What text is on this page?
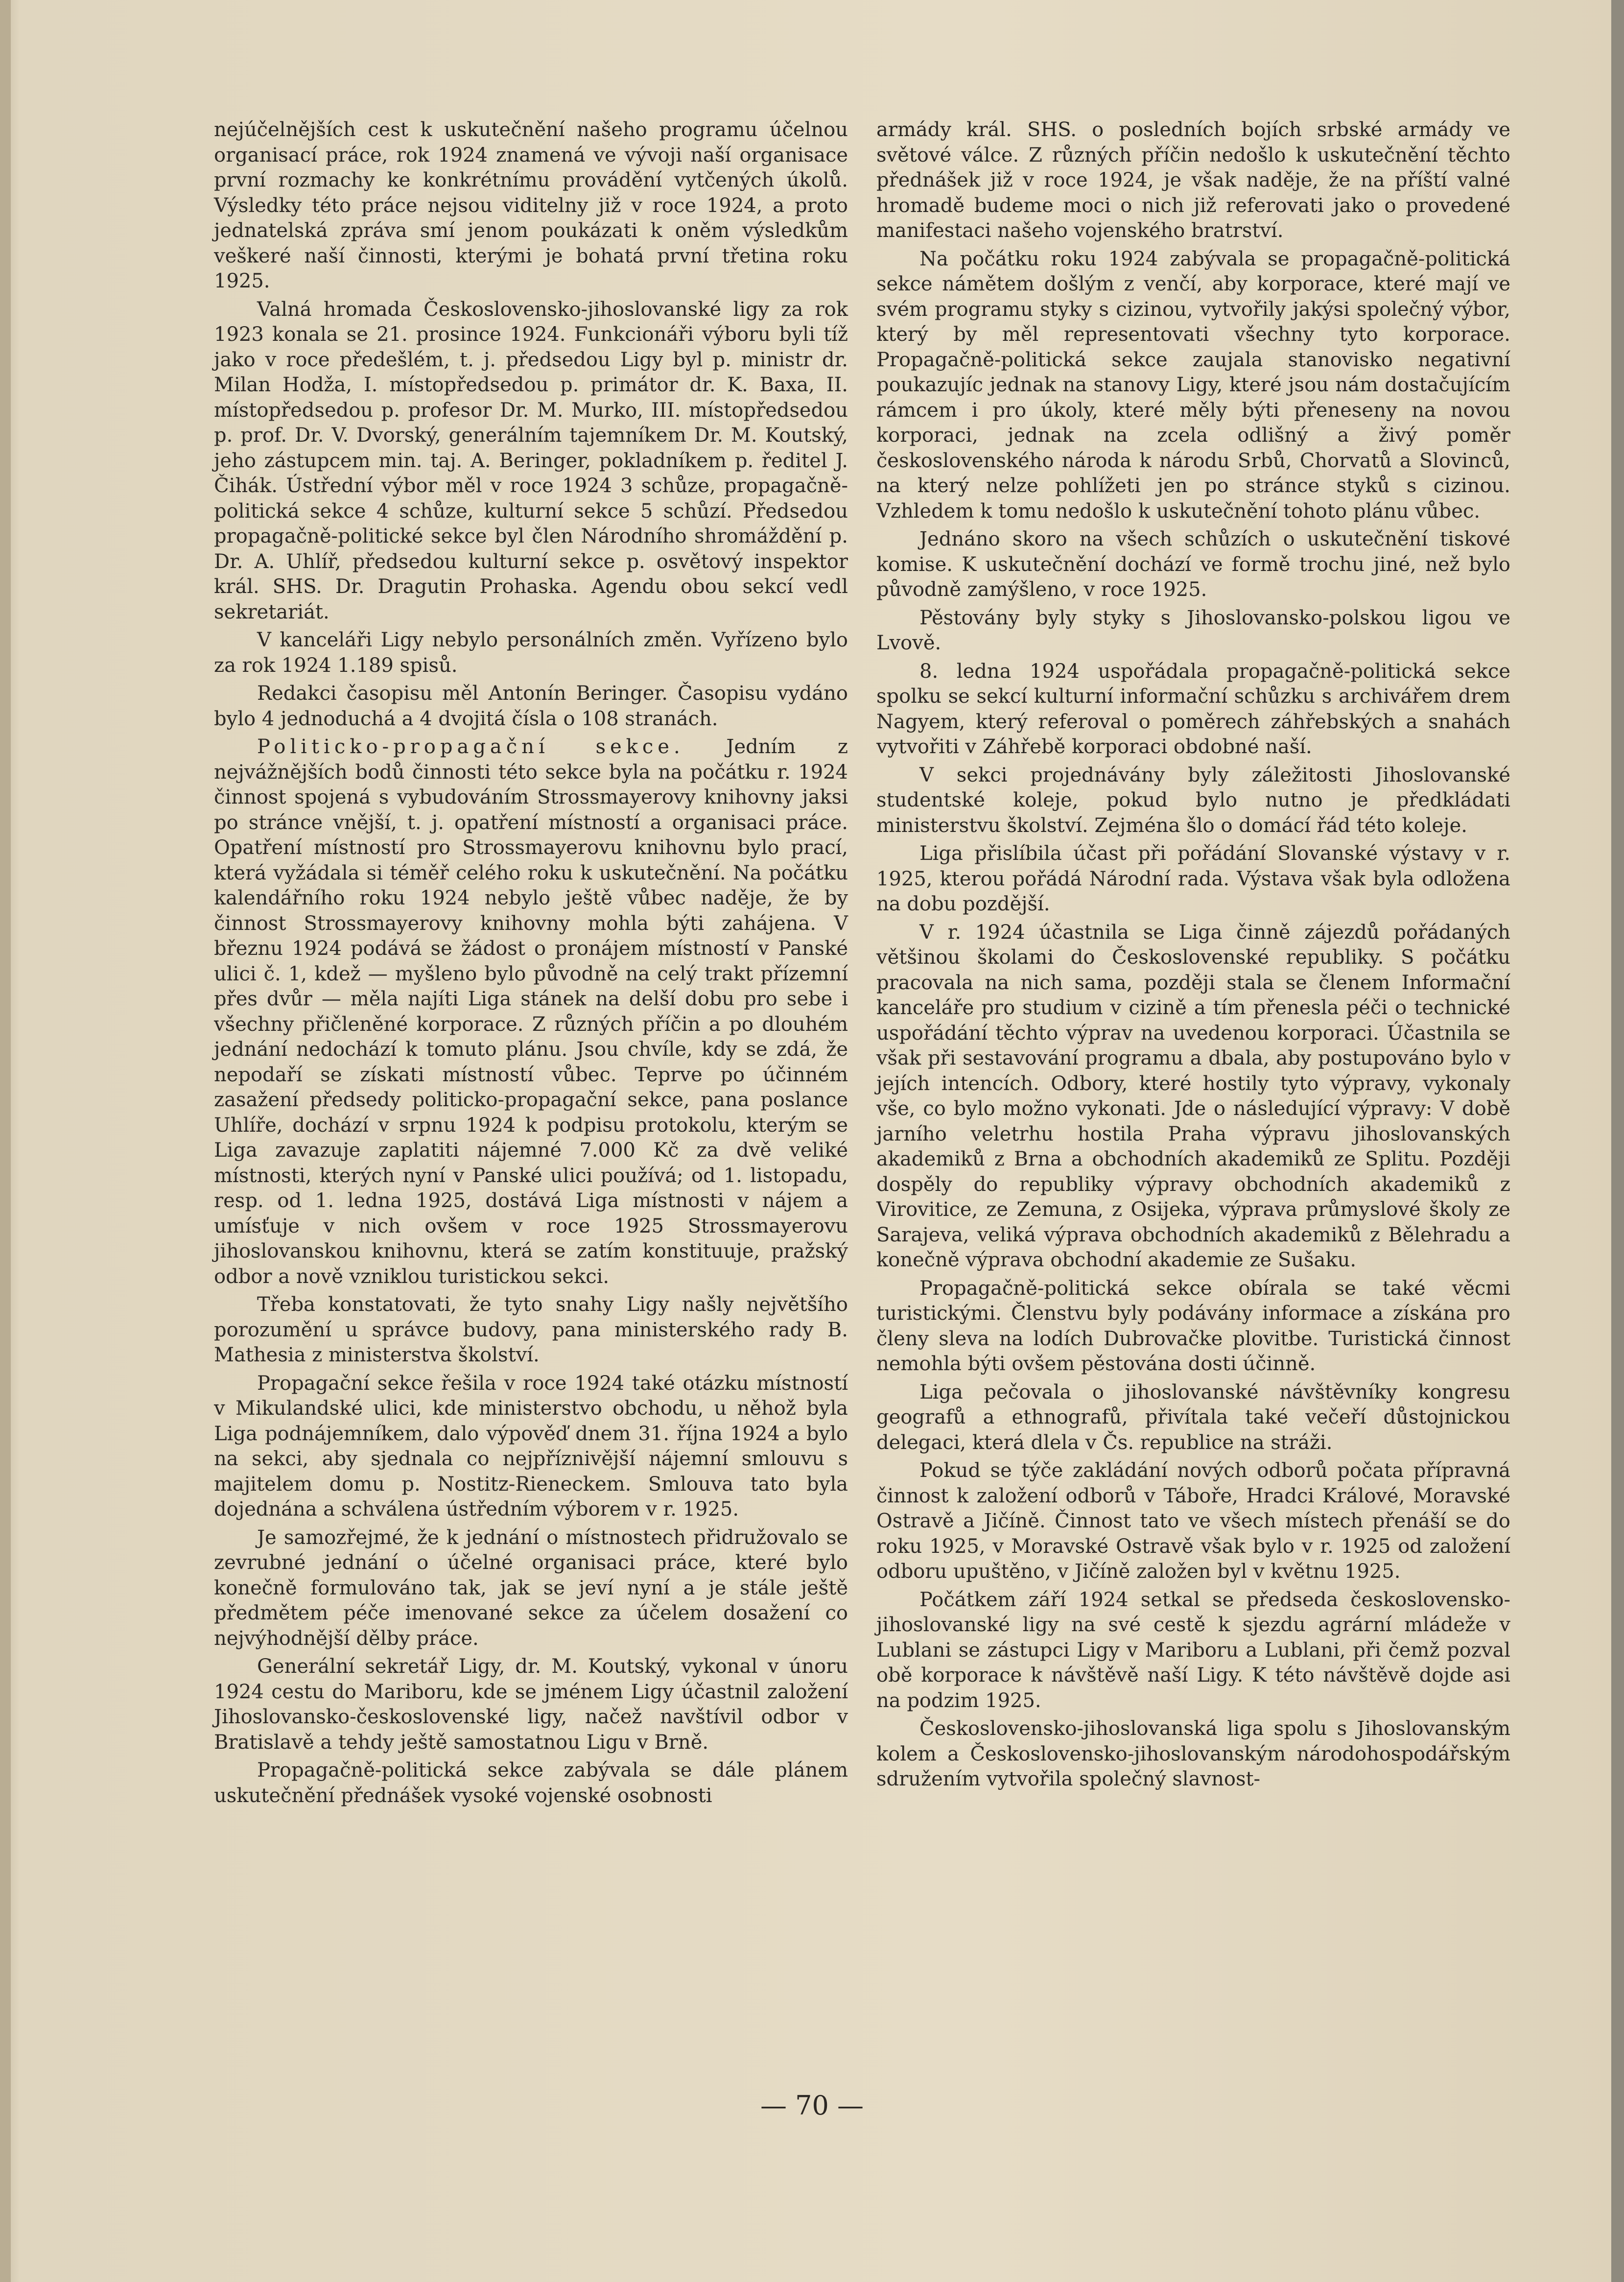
nejúčelnějších cest k uskutečnění našeho programu účelnou organisací práce, rok 1924 znamená ve vývoji naší organisace první rozmachy ke konkrétnímu provádění vytčených úkolů. Výsledky této práce nejsou viditelny již v roce 1924, a proto jednatelská zpráva smí jenom poukázati k oněm výsledkům veškeré naší činnosti, kterými je bohatá první třetina roku 1925.

Valná hromada Československo-jihoslovanské ligy za rok 1923 konala se 21. prosince 1924. Funkcionáři výboru byli tíž jako v roce předešlém, t. j. předsedou Ligy byl p. ministr dr. Milan Hodža, I. místopředsedou p. primátor dr. K. Baxa, II. místopředsedou p. profesor Dr. M. Murko, III. místopředsedou p. prof. Dr. V. Dvorský, generálním tajemníkem Dr. M. Koutský, jeho zástupcem min. taj. A. Beringer, pokladníkem p. ředitel J. Čihák. Ústřední výbor měl v roce 1924 3 schůze, propagačně-politická sekce 4 schůze, kulturní sekce 5 schůzí. Předsedou propagačně-politické sekce byl člen Národního shromáždění p. Dr. A. Uhlíř, předsedou kulturní sekce p. osvětový inspektor král. SHS. Dr. Dragutin Prohaska. Agendu obou sekcí vedl sekretariát.

V kanceláři Ligy nebylo personálních změn. Vyřízeno bylo za rok 1924 1.189 spisů.

Redakci časopisu měl Antonín Beringer. Časopisu vydáno bylo 4 jednoduchá a 4 dvojitá čísla o 108 stranách.

Politicko-propagační sekce. Jedním z nejvážnějších bodů činnosti této sekce byla na počátku r. 1924 činnost spojená s vybudováním Strossmayerovy knihovny jaksi po stránce vnější, t. j. opatření místností a organisaci práce. Opatření místností pro Strossmayerovu knihovnu bylo prací, která vyžádala si téměř celého roku k uskutečnění. Na počátku kalendářního roku 1924 nebylo ještě vůbec naděje, že by činnost Strossmayerovy knihovny mohla býti zahájena. V březnu 1924 podává se žádost o pronájem místností v Panské ulici č. 1, kdež — myšleno bylo původně na celý trakt přízemní přes dvůr — měla najíti Liga stánek na delší dobu pro sebe i všechny přičleněné korporace. Z různých příčin a po dlouhém jednání nedochází k tomuto plánu. Jsou chvíle, kdy se zdá, že nepodaří se získati místností vůbec. Teprve po účinném zasažení předsedy politicko-propagační sekce, pana poslance Uhlíře, dochází v srpnu 1924 k podpisu protokolu, kterým se Liga zavazuje zaplatiti nájemné 7.000 Kč za dvě veliké místnosti, kterých nyní v Panské ulici používá; od 1. listopadu, resp. od 1. ledna 1925, dostává Liga místnosti v nájem a umísťuje v nich ovšem v roce 1925 Strossmayerovu jihoslovanskou knihovnu, která se zatím konstituuje, pražský odbor a nově vzniklou turistickou sekci.

Třeba konstatovati, že tyto snahy Ligy našly největšího porozumění u správce budovy, pana ministerského rady B. Mathesia z ministerstva školství.

Propagační sekce řešila v roce 1924 také otázku místností v Mikulandské ulici, kde ministerstvo obchodu, u něhož byla Liga podnájemníkem, dalo výpověď dnem 31. října 1924 a bylo na sekci, aby sjednala co nejpříznivější nájemní smlouvu s majitelem domu p. Nostitz-Rieneckem. Smlouva tato byla dojednána a schválena ústředním výborem v r. 1925.

Je samozřejmé, že k jednání o místnostech přidružovalo se zevrubné jednání o účelné organisaci práce, které bylo konečně formulováno tak, jak se jeví nyní a je stále ještě předmětem péče imenované sekce za účelem dosažení co nejvýhodnější dělby práce.

Generální sekretář Ligy, dr. M. Koutský, vykonal v únoru 1924 cestu do Mariboru, kde se jménem Ligy účastnil založení Jihoslovansko-československé ligy, načež navštívil odbor v Bratislavě a tehdy ještě samostatnou Ligu v Brně.

Propagačně-politická sekce zabývala se dále plánem uskutečnění přednášek vysoké vojenské osobnosti

armády král. SHS. o posledních bojích srbské armády ve světové válce. Z různých příčin nedošlo k uskutečnění těchto přednášek již v roce 1924, je však naděje, že na příští valné hromadě budeme moci o nich již referovati jako o provedené manifestaci našeho vojenského bratrství.

Na počátku roku 1924 zabývala se propagačně-politická sekce námětem došlým z venčí, aby korporace, které mají ve svém programu styky s cizinou, vytvořily jakýsi společný výbor, který by měl representovati všechny tyto korporace. Propagačně-politická sekce zaujala stanovisko negativní poukazujíc jednak na stanovy Ligy, které jsou nám dostačujícím rámcem i pro úkoly, které měly býti přeneseny na novou korporaci, jednak na zcela odlišný a živý poměr československého národa k národu Srbů, Chorvatů a Slovinců, na který nelze pohlížeti jen po stránce styků s cizinou. Vzhledem k tomu nedošlo k uskutečnění tohoto plánu vůbec.

Jednáno skoro na všech schůzích o uskutečnění tiskové komise. K uskutečnění dochází ve formě trochu jiné, než bylo původně zamýšleno, v roce 1925.

Pěstovány byly styky s Jihoslovansko-polskou ligou ve Lvově.

8. ledna 1924 uspořádala propagačně-politická sekce spolku se sekcí kulturní informační schůzku s archivářem drem Nagyem, který referoval o poměrech záhřebských a snahách vytvořiti v Záhřebě korporaci obdobné naší.

V sekci projednávány byly záležitosti Jihoslovanské studentské koleje, pokud bylo nutno je předkládati ministerstvu školství. Zejména šlo o domácí řád této koleje.

Liga přislíbila účast při pořádání Slovanské výstavy v r. 1925, kterou pořádá Národní rada. Výstava však byla odložena na dobu pozdější.

V r. 1924 účastnila se Liga činně zájezdů pořádaných většinou školami do Československé republiky. S počátku pracovala na nich sama, později stala se členem Informační kanceláře pro studium v cizině a tím přenesla péči o technické uspořádání těchto výprav na uvedenou korporaci. Účastnila se však při sestavování programu a dbala, aby postupováno bylo v jejích intencích. Odbory, které hostily tyto výpravy, vykonaly vše, co bylo možno vykonati. Jde o následující výpravy: V době jarního veletrhu hostila Praha výpravu jihoslovanských akademiků z Brna a obchodních akademiků ze Splitu. Později dospěly do republiky výpravy obchodních akademiků z Virovitice, ze Zemuna, z Osijeka, výprava průmyslové školy ze Sarajeva, veliká výprava obchodních akademiků z Bělehradu a konečně výprava obchodní akademie ze Sušaku.

Propagačně-politická sekce obírala se také věcmi turistickými. Členstvu byly podávány informace a získána pro členy sleva na lodích Dubrovačke plovitbe. Turistická činnost nemohla býti ovšem pěstována dosti účinně.

Liga pečovala o jihoslovanské návštěvníky kongresu geografů a ethnografů, přivítala také večeří důstojnickou delegaci, která dlela v Čs. republice na stráži.

Pokud se týče zakládání nových odborů počata přípravná činnost k založení odborů v Táboře, Hradci Králové, Moravské Ostravě a Jičíně. Činnost tato ve všech místech přenáší se do roku 1925, v Moravské Ostravě však bylo v r. 1925 od založení odboru upuštěno, v Jičíně založen byl v květnu 1925.

Počátkem září 1924 setkal se předseda československo-jihoslovanské ligy na své cestě k sjezdu agrární mládeže v Lublani se zástupci Ligy v Mariboru a Lublani, při čemž pozval obě korporace k návštěvě naší Ligy. K této návštěvě dojde asi na podzim 1925.

Československo-jihoslovanská liga spolu s Jihoslovanským kolem a Československo-jihoslovanským národohospodářským sdružením vytvořila společný slavnost-

— 70 —
